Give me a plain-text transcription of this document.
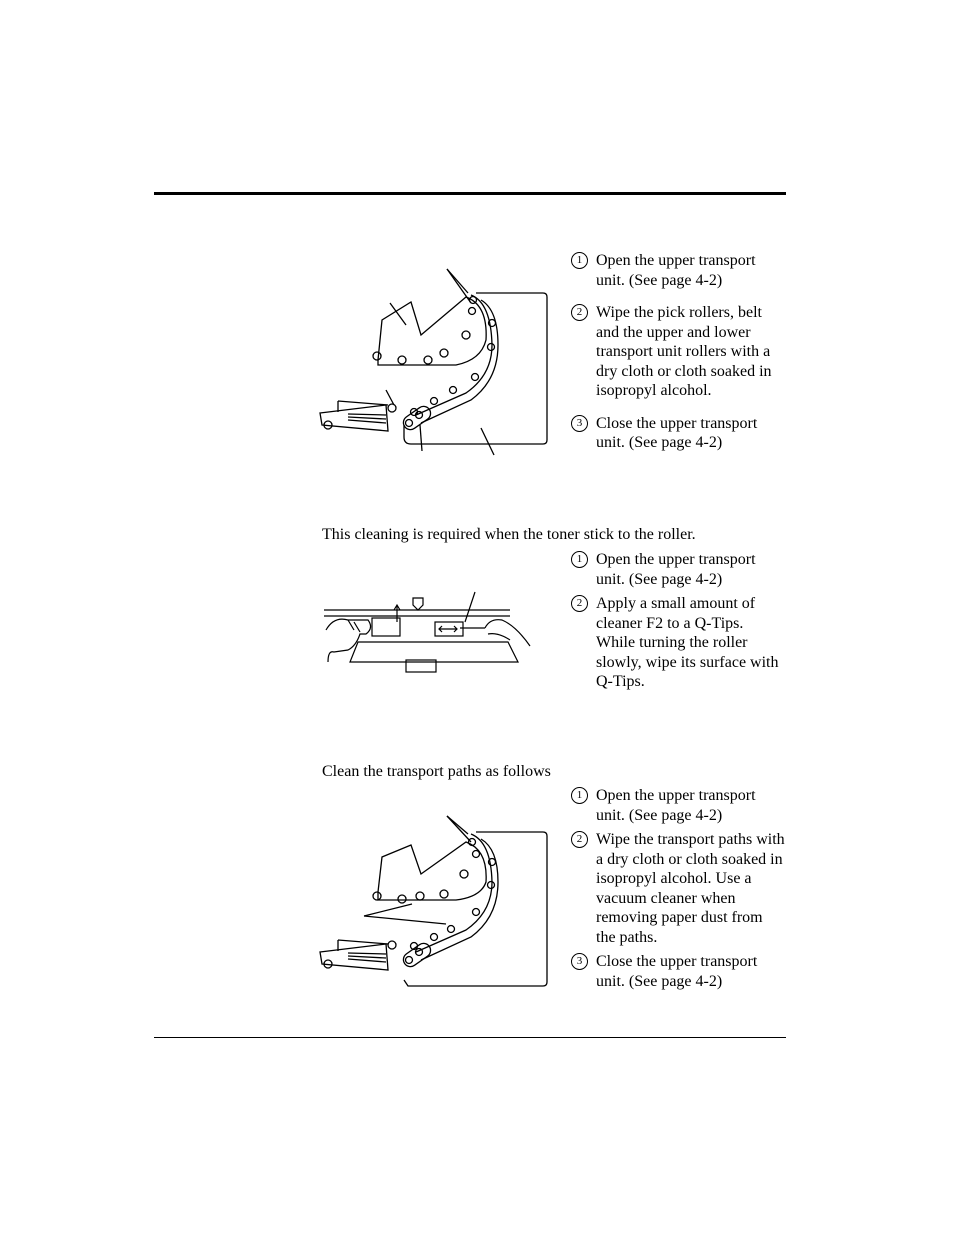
1 Open the upper transport unit. (See page 4-2)
2 Wipe the pick rollers, belt and the upper and lower transport unit rollers with a dry cloth or cloth soaked in isopropyl alcohol.
3 Close the upper transport unit. (See page 4-2)
This cleaning is required when the toner stick to the roller.
1 Open the upper transport unit. (See page 4-2)
2 Apply a small amount of cleaner F2 to a Q-Tips. While turning the roller slowly, wipe its surface with Q-Tips.
Clean the transport paths as follows
1 Open the upper transport unit. (See page 4-2)
2 Wipe the transport paths with a dry cloth or cloth soaked in isopropyl alcohol. Use a vacuum cleaner when removing paper dust from the paths.
3 Close the upper transport unit. (See page 4-2)
